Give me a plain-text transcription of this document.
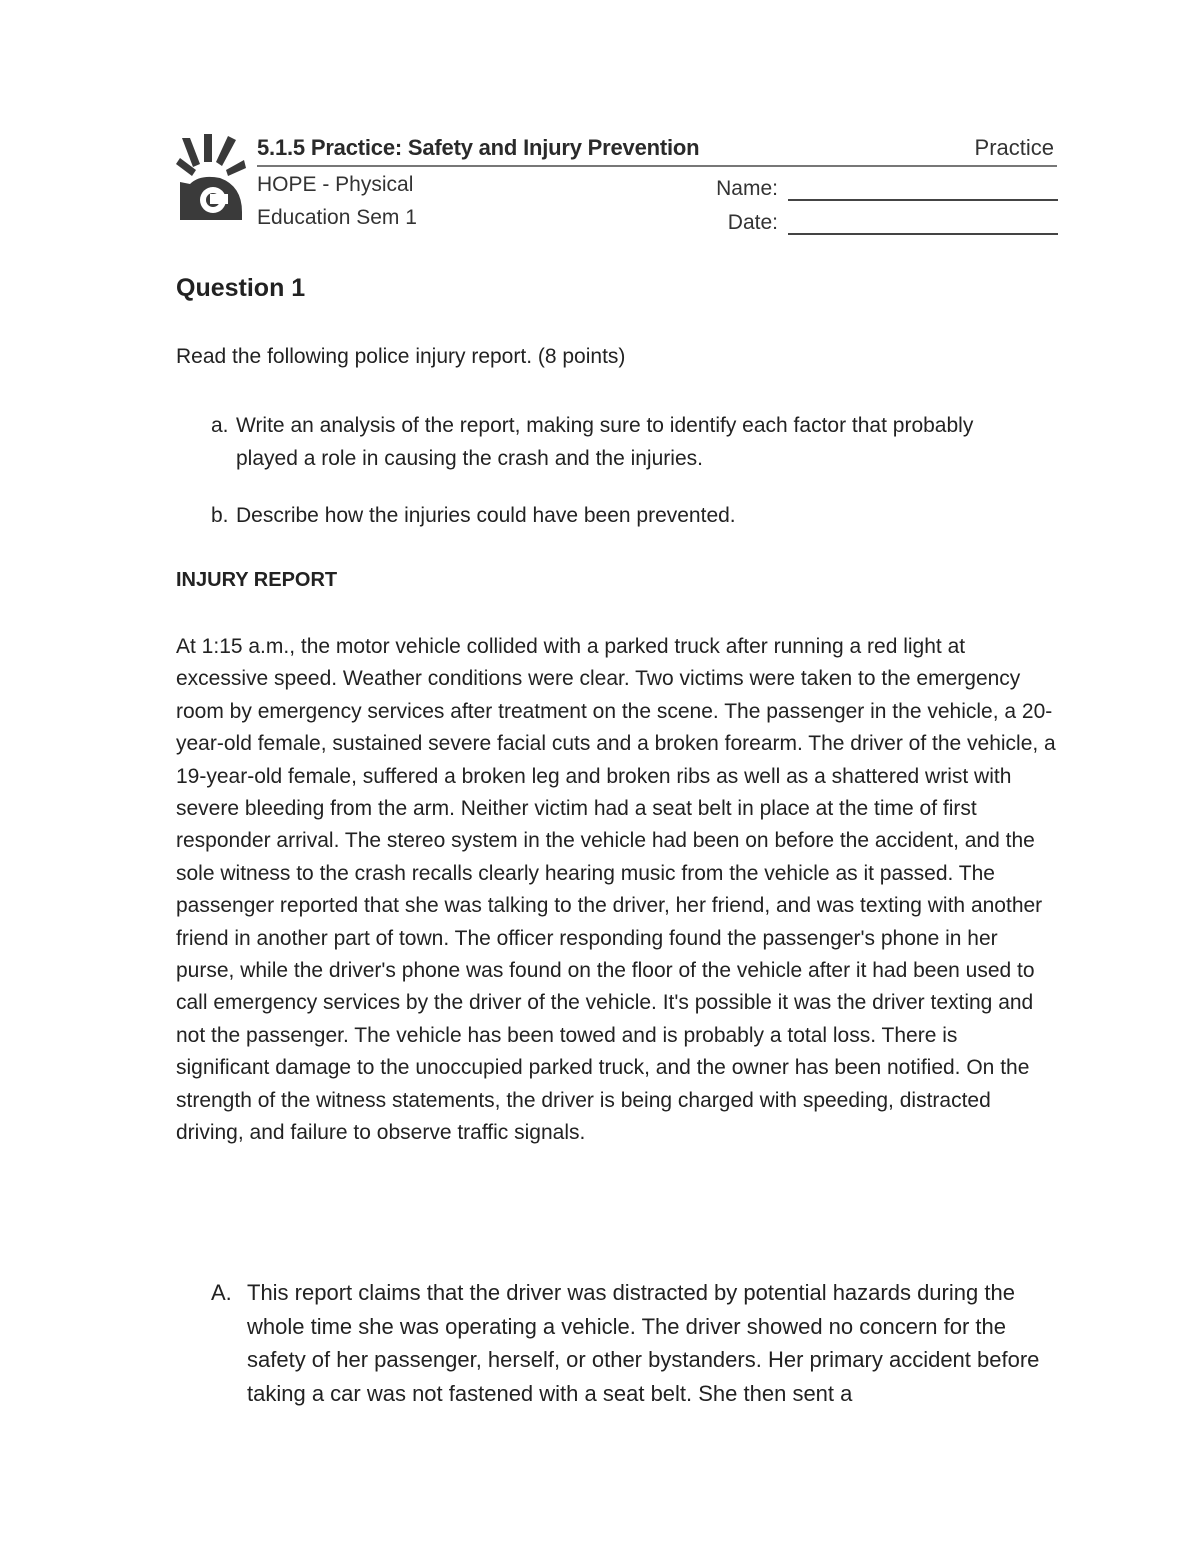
5.1.5 Practice: Safety and Injury Prevention	Practice
HOPE - Physical
Education Sem 1
Name:
Date:
Question 1
Read the following police injury report. (8 points)
a. Write an analysis of the report, making sure to identify each factor that probably played a role in causing the crash and the injuries.
b. Describe how the injuries could have been prevented.
INJURY REPORT
At 1:15 a.m., the motor vehicle collided with a parked truck after running a red light at excessive speed. Weather conditions were clear. Two victims were taken to the emergency room by emergency services after treatment on the scene. The passenger in the vehicle, a 20-year-old female, sustained severe facial cuts and a broken forearm. The driver of the vehicle, a 19-year-old female, suffered a broken leg and broken ribs as well as a shattered wrist with severe bleeding from the arm. Neither victim had a seat belt in place at the time of first responder arrival. The stereo system in the vehicle had been on before the accident, and the sole witness to the crash recalls clearly hearing music from the vehicle as it passed. The passenger reported that she was talking to the driver, her friend, and was texting with another friend in another part of town. The officer responding found the passenger's phone in her purse, while the driver's phone was found on the floor of the vehicle after it had been used to call emergency services by the driver of the vehicle. It's possible it was the driver texting and not the passenger. The vehicle has been towed and is probably a total loss. There is significant damage to the unoccupied parked truck, and the owner has been notified. On the strength of the witness statements, the driver is being charged with speeding, distracted driving, and failure to observe traffic signals.
A. This report claims that the driver was distracted by potential hazards during the whole time she was operating a vehicle. The driver showed no concern for the safety of her passenger, herself, or other bystanders. Her primary accident before taking a car was not fastened with a seat belt. She then sent a
